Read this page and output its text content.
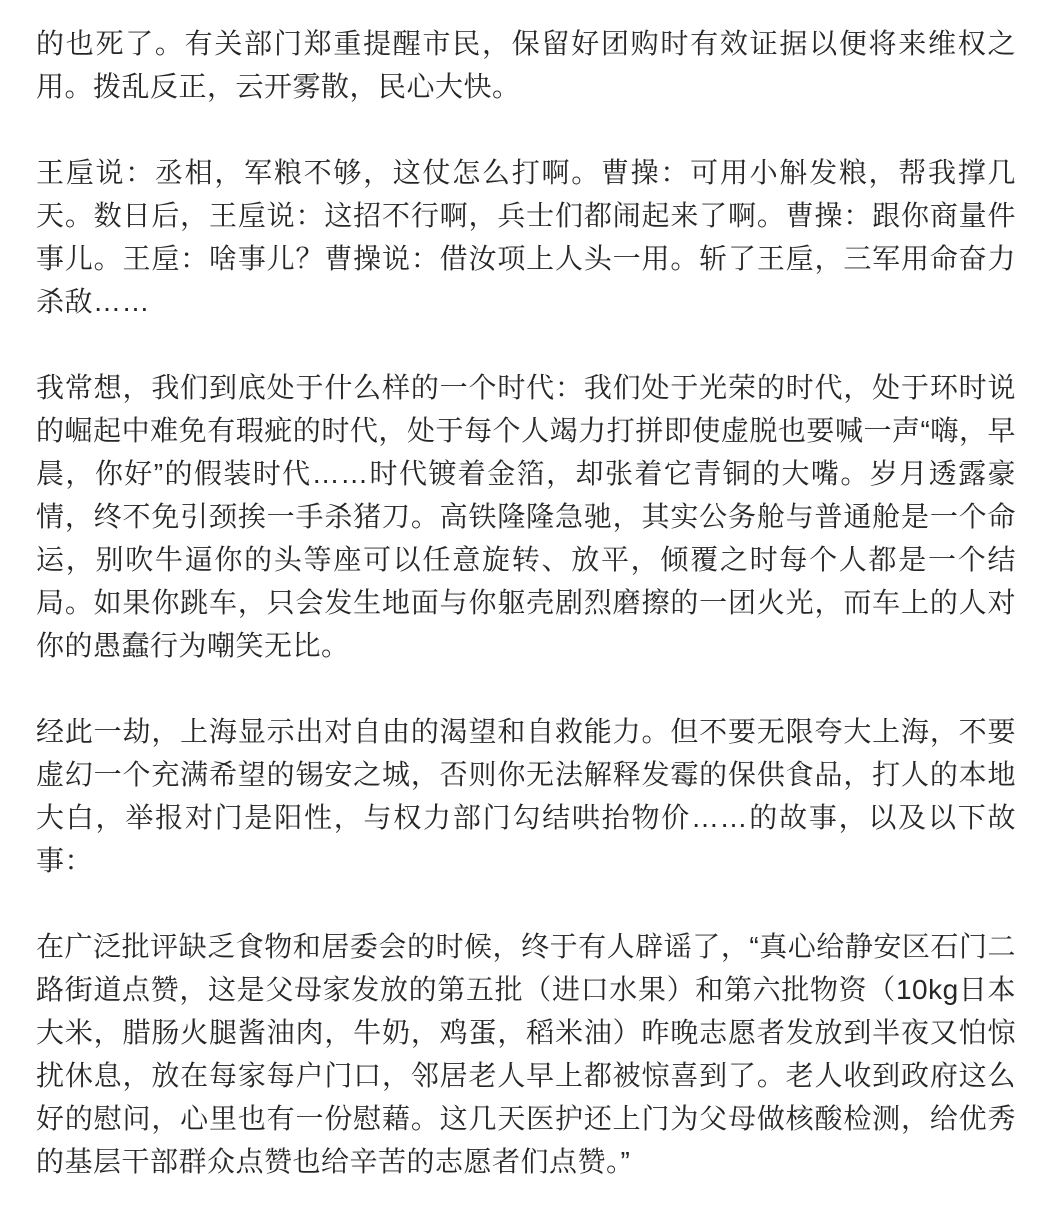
的也死了。有关部门郑重提醒市民，保留好团购时有效证据以便将来维权之用。拨乱反正，云开雾散，民心大快。

王垕说：丞相，军粮不够，这仗怎么打啊。曹操：可用小斛发粮，帮我撑几天。数日后，王垕说：这招不行啊，兵士们都闹起来了啊。曹操：跟你商量件事儿。王垕：啥事儿？曹操说：借汝项上人头一用。斩了王垕，三军用命奋力杀敌……

我常想，我们到底处于什么样的一个时代：我们处于光荣的时代，处于环时说的崛起中难免有瑕疵的时代，处于每个人竭力打拼即使虚脱也要喊一声“嗨，早晨，你好”的假装时代……时代镀着金箔，却张着它青铜的大嘴。岁月透露豪情，终不免引颈挨一手杀猪刀。高铁隆隆急驰，其实公务舱与普通舱是一个命运，别吹牛逼你的头等座可以任意旋转、放平，倾覆之时每个人都是一个结局。如果你跳车，只会发生地面与你躯壳剧烈磨擦的一团火光，而车上的人对你的愚蠢行为嘲笑无比。

经此一劫，上海显示出对自由的渴望和自救能力。但不要无限夸大上海，不要虚幻一个充满希望的锡安之城，否则你无法解释发霉的保供食品，打人的本地大白，举报对门是阳性，与权力部门勾结哄抬物价……的故事，以及以下故事：

在广泛批评缺乏食物和居委会的时候，终于有人辟谣了，“真心给静安区石门二路街道点赞，这是父母家发放的第五批（进口水果）和第六批物资（10kg日本大米，腊肠火腿酱油肉，牛奶，鸡蛋，稻米油）昨晚志愿者发放到半夜又怕惊扰休息，放在每家每户门口，邻居老人早上都被惊喜到了。老人收到政府这么好的慰问，心里也有一份慰藉。这几天医护还上门为父母做核酸检测，给优秀的基层干部群众点赞也给辛苦的志愿者们点赞。”
